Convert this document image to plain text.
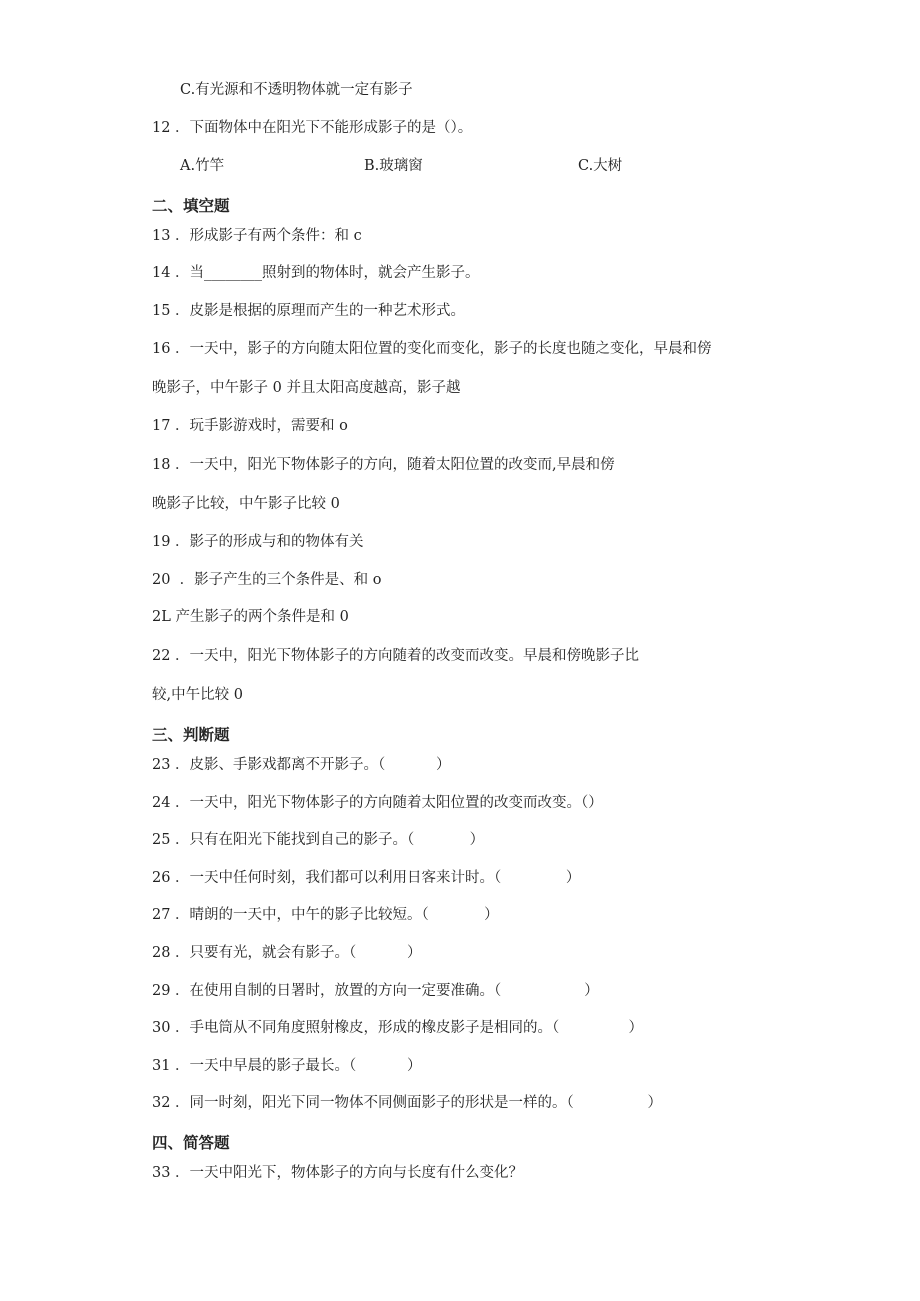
C.有光源和不透明物体就一定有影子
12 ．下面物体中在阳光下不能形成影子的是（）。
A.竹竿	B.玻璃窗	C.大树
二、填空题
13 ．形成影子有两个条件：和 c
14 ．当________照射到的物体时，就会产生影子。
15 ．皮影是根据的原理而产生的一种艺术形式。
16 ．一天中，影子的方向随太阳位置的变化而变化，影子的长度也随之变化，早晨和傍
晚影子，中午影子 0 并且太阳高度越高，影子越
17 ．玩手影游戏时，需要和 o
18 ．一天中，阳光下物体影子的方向，随着太阳位置的改变而,早晨和傍
晚影子比较，中午影子比较 0
19 ．影子的形成与和的物体有关
20  ．影子产生的三个条件是、和 o
2L 产生影子的两个条件是和 0
22 ．一天中，阳光下物体影子的方向随着的改变而改变。早晨和傍晚影子比
较,中午比较 0
三、判断题
23 ．皮影、手影戏都离不开影子。（           ）
24 ．一天中，阳光下物体影子的方向随着太阳位置的改变而改变。（）
25 ．只有在阳光下能找到自己的影子。（            ）
26 ．一天中任何时刻，我们都可以利用日客来计时。（              ）
27 ．晴朗的一天中，中午的影子比较短。（            ）
28 ．只要有光，就会有影子。（           ）
29 ．在使用自制的日署时，放置的方向一定要准确。（                  ）
30 ．手电筒从不同角度照射橡皮，形成的橡皮影子是相同的。（               ）
31 ．一天中早晨的影子最长。（           ）
32 ．同一时刻，阳光下同一物体不同侧面影子的形状是一样的。（                ）
四、简答题
33 ．一天中阳光下，物体影子的方向与长度有什么变化？
